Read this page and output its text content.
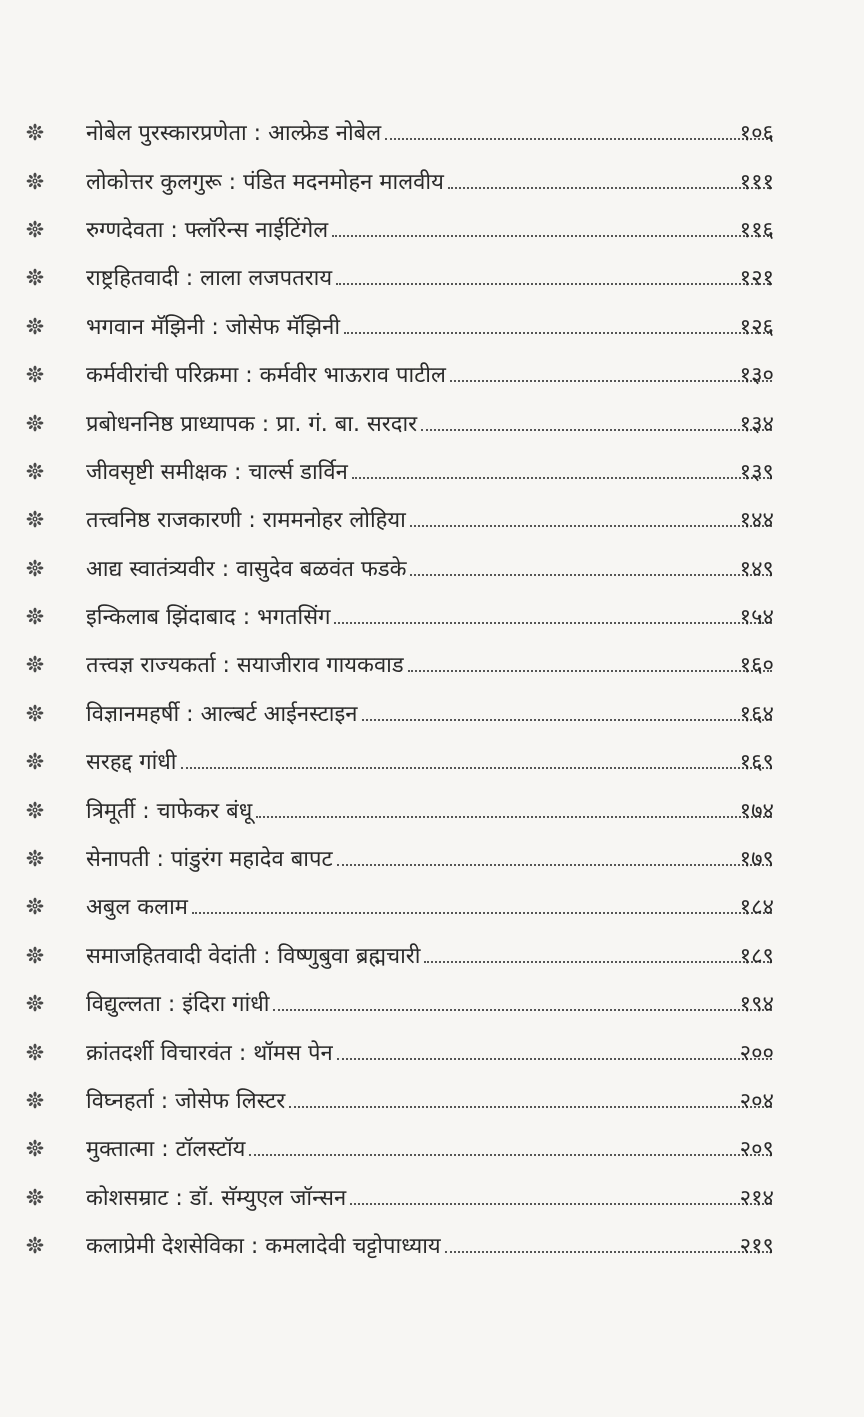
नोबेल पुरस्कारप्रणेता : आल्फ्रेड नोबेल	१०६
लोकोत्तर कुलगुरू : पंडित मदनमोहन मालवीय	१११
रुग्णदेवता : फ्लॉरेन्स नाईटिंगेल	११६
राष्ट्रहितवादी : लाला लजपतराय	१२१
भगवान मॅझिनी : जोसेफ मॅझिनी	१२६
कर्मवीरांची परिक्रमा : कर्मवीर भाऊराव पाटील	१३०
प्रबोधननिष्ठ प्राध्यापक : प्रा. गं. बा. सरदार	१३४
जीवसृष्टी समीक्षक : चार्ल्स डार्विन	१३९
तत्त्वनिष्ठ राजकारणी : राममनोहर लोहिया	१४४
आद्य स्वातंत्र्यवीर : वासुदेव बळवंत फडके	१४९
इन्किलाब झिंदाबाद : भगतसिंग	१५४
तत्त्वज्ञ राज्यकर्ता : सयाजीराव गायकवाड	१६०
विज्ञानमहर्षी : आल्बर्ट आईनस्टाइन	१६४
सरहद्द गांधी	१६९
त्रिमूर्ती : चाफेकर बंधू	१७४
सेनापती : पांडुरंग महादेव बापट	१७९
अबुल कलाम	१८४
समाजहितवादी वेदांती : विष्णुबुवा ब्रह्मचारी	१८९
विद्युल्लता : इंदिरा गांधी	१९४
क्रांतदर्शी विचारवंत : थॉमस पेन	२००
विघ्नहर्ता : जोसेफ लिस्टर	२०४
मुक्तात्मा : टॉलस्टॉय	२०९
कोशसम्राट : डॉ. सॅम्युएल जॉन्सन	२१४
कलाप्रेमी देशसेविका : कमलादेवी चट्टोपाध्याय	२१९
